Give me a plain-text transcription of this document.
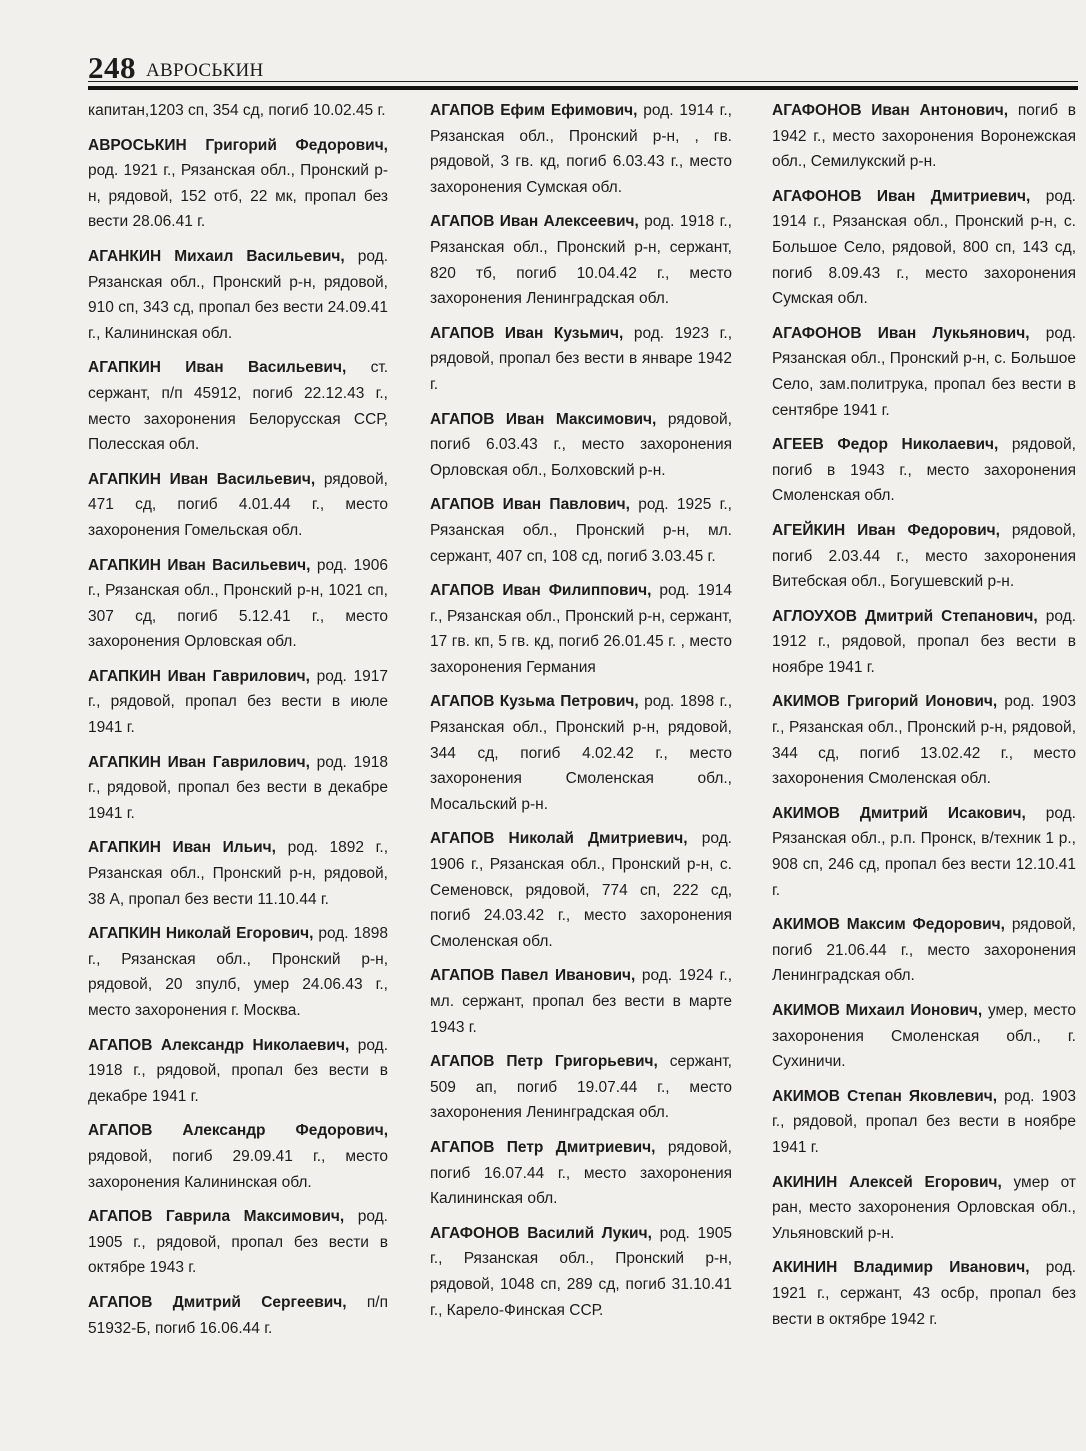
248 АВРОСЬКИН

капитан,1203 сп, 354 сд, погиб 10.02.45 г.

АВРОСЬКИН Григорий Федорович, род. 1921 г., Рязанская обл., Пронский р-н, рядовой, 152 отб, 22 мк, пропал без вести 28.06.41 г.

АГАНКИН Михаил Васильевич, род. Рязанская обл., Пронский р-н, рядовой, 910 сп, 343 сд, пропал без вести 24.09.41 г., Калининская обл.

АГАПКИН Иван Васильевич, ст. сержант, п/п 45912, погиб 22.12.43 г., место захоронения Белорусская ССР, Полесская обл.

АГАПКИН Иван Васильевич, рядовой, 471 сд, погиб 4.01.44 г., место захоронения Гомельская обл.

АГАПКИН Иван Васильевич, род. 1906 г., Рязанская обл., Пронский р-н, 1021 сп, 307 сд, погиб 5.12.41 г., место захоронения Орловская обл.

АГАПКИН Иван Гаврилович, род. 1917 г., рядовой, пропал без вести в июле 1941 г.

АГАПКИН Иван Гаврилович, род. 1918 г., рядовой, пропал без вести в декабре 1941 г.

АГАПКИН Иван Ильич, род. 1892 г., Рязанская обл., Пронский р-н, рядовой, 38 А, пропал без вести 11.10.44 г.

АГАПКИН Николай Егорович, род. 1898 г., Рязанская обл., Пронский р-н, рядовой, 20 зпулб, умер 24.06.43 г., место захоронения г. Москва.

АГАПОВ Александр Николаевич, род. 1918 г., рядовой, пропал без вести в декабре 1941 г.

АГАПОВ Александр Федорович, рядовой, погиб 29.09.41 г., место захоронения Калининская обл.

АГАПОВ Гаврила Максимович, род. 1905 г., рядовой, пропал без вести в октябре 1943 г.

АГАПОВ Дмитрий Сергеевич, п/п 51932-Б, погиб 16.06.44 г.

АГАПОВ Ефим Ефимович, род. 1914 г., Рязанская обл., Пронский р-н, , гв. рядовой, 3 гв. кд, погиб 6.03.43 г., место захоронения Сумская обл.

АГАПОВ Иван Алексеевич, род. 1918 г., Рязанская обл., Пронский р-н, сержант, 820 тб, погиб 10.04.42 г., место захоронения Ленинградская обл.

АГАПОВ Иван Кузьмич, род. 1923 г., рядовой, пропал без вести в январе 1942 г.

АГАПОВ Иван Максимович, рядовой, погиб 6.03.43 г., место захоронения Орловская обл., Болховский р-н.

АГАПОВ Иван Павлович, род. 1925 г., Рязанская обл., Пронский р-н, мл. сержант, 407 сп, 108 сд, погиб 3.03.45 г.

АГАПОВ Иван Филиппович, род. 1914 г., Рязанская обл., Пронский р-н, сержант, 17 гв. кп, 5 гв. кд, погиб 26.01.45 г. , место захоронения Германия

АГАПОВ Кузьма Петрович, род. 1898 г., Рязанская обл., Пронский р-н, рядовой, 344 сд, погиб 4.02.42 г., место захоронения Смоленская обл., Мосальский р-н.

АГАПОВ Николай Дмитриевич, род. 1906 г., Рязанская обл., Пронский р-н, с. Семеновск, рядовой, 774 сп, 222 сд, погиб 24.03.42 г., место захоронения Смоленская обл.

АГАПОВ Павел Иванович, род. 1924 г., мл. сержант, пропал без вести в марте 1943 г.

АГАПОВ Петр Григорьевич, сержант, 509 ап, погиб 19.07.44 г., место захоронения Ленинградская обл.

АГАПОВ Петр Дмитриевич, рядовой, погиб 16.07.44 г., место захоронения Калининская обл.

АГАФОНОВ Василий Лукич, род. 1905 г., Рязанская обл., Пронский р-н, рядовой, 1048 сп, 289 сд, погиб 31.10.41 г., Карело-Финская ССР.

АГАФОНОВ Иван Антонович, погиб в 1942 г., место захоронения Воронежская обл., Семилукский р-н.

АГАФОНОВ Иван Дмитриевич, род. 1914 г., Рязанская обл., Пронский р-н, с. Большое Село, рядовой, 800 сп, 143 сд, погиб 8.09.43 г., место захоронения Сумская обл.

АГАФОНОВ Иван Лукьянович, род. Рязанская обл., Пронский р-н, с. Большое Село, зам.политрука, пропал без вести в сентябре 1941 г.

АГЕЕВ Федор Николаевич, рядовой, погиб в 1943 г., место захоронения Смоленская обл.

АГЕЙКИН Иван Федорович, рядовой, погиб 2.03.44 г., место захоронения Витебская обл., Богушевский р-н.

АГЛОУХОВ Дмитрий Степанович, род. 1912 г., рядовой, пропал без вести в ноябре 1941 г.

АКИМОВ Григорий Ионович, род. 1903 г., Рязанская обл., Пронский р-н, рядовой, 344 сд, погиб 13.02.42 г., место захоронения Смоленская обл.

АКИМОВ Дмитрий Исакович, род. Рязанская обл., р.п. Пронск, в/техник 1 р., 908 сп, 246 сд, пропал без вести 12.10.41 г.

АКИМОВ Максим Федорович, рядовой, погиб 21.06.44 г., место захоронения Ленинградская обл.

АКИМОВ Михаил Ионович, умер, место захоронения Смоленская обл., г. Сухиничи.

АКИМОВ Степан Яковлевич, род. 1903 г., рядовой, пропал без вести в ноябре 1941 г.

АКИНИН Алексей Егорович, умер от ран, место захоронения Орловская обл., Ульяновский р-н.

АКИНИН Владимир Иванович, род. 1921 г., сержант, 43 осбр, пропал без вести в октябре 1942 г.
